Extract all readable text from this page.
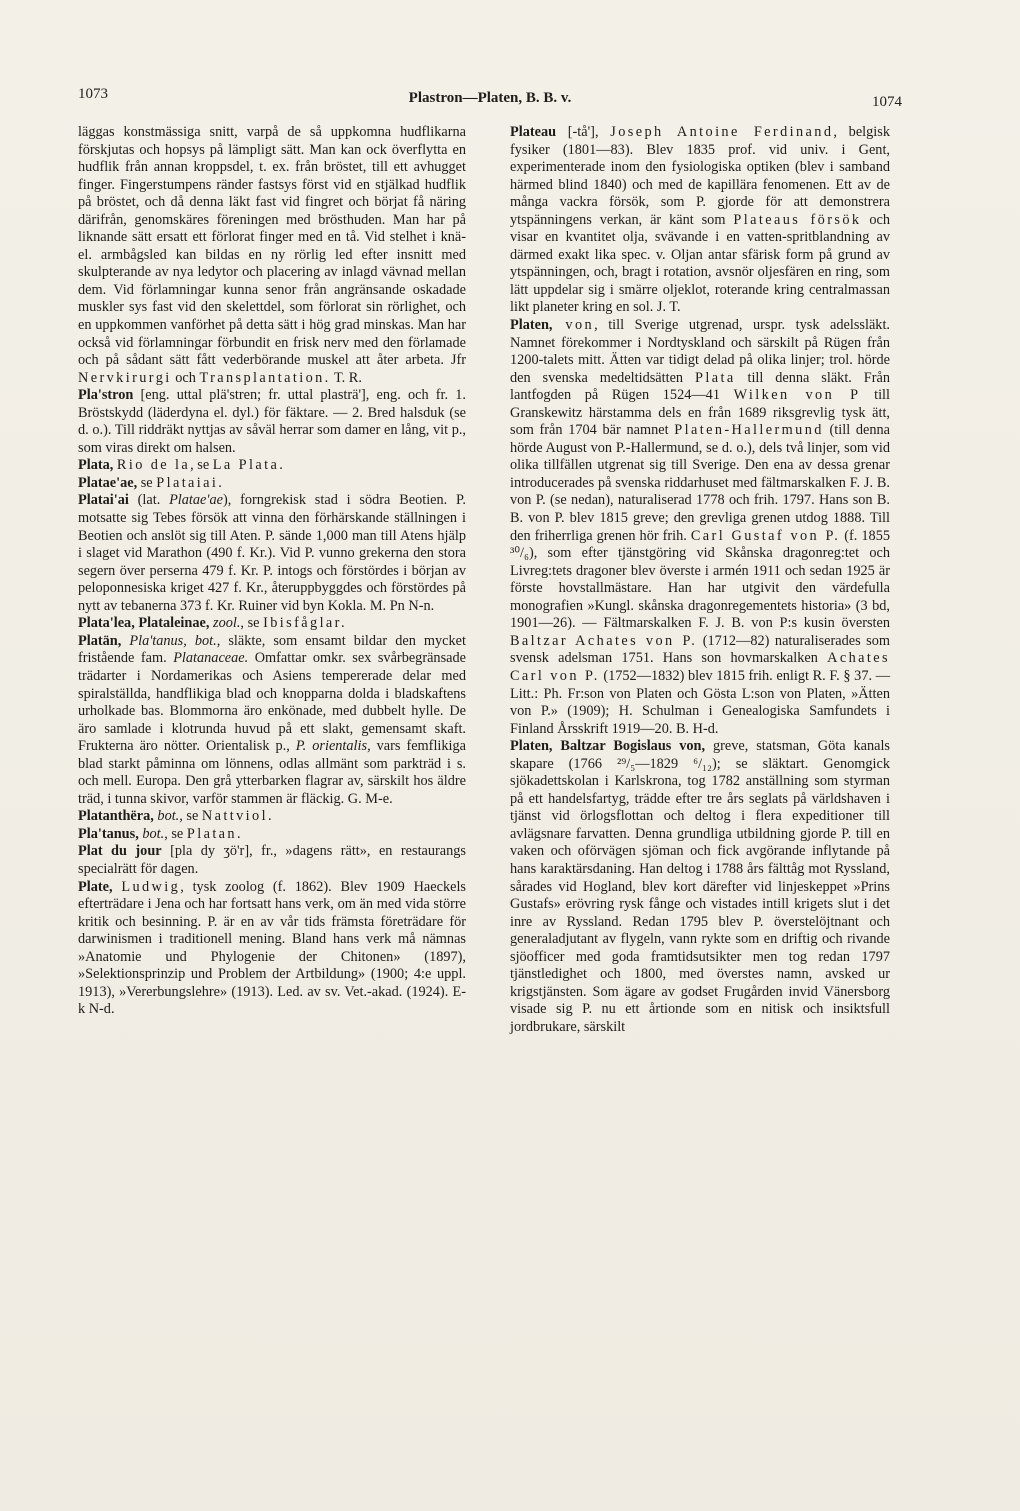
1073	Plastron—Platen, B. B. v.	1074

läggas konstmässiga snitt, varpå de så uppkomna hudflikarna förskjutas och hopsys på lämpligt sätt. Man kan ock överflytta en hudflik från annan kroppsdel, t. ex. från bröstet, till ett avhugget finger. Fingerstumpens ränder fastsys först vid en stjälkad hudflik på bröstet, och då denna läkt fast vid fingret och börjat få näring därifrån, genomskäres föreningen med brösthuden. Man har på liknande sätt ersatt ett förlorat finger med en tå. Vid stelhet i knä- el. armbågsled kan bildas en ny rörlig led efter insnitt med skulpterande av nya ledytor och placering av inlagd vävnad mellan dem. Vid förlamningar kunna senor från angränsande oskadade muskler sys fast vid den skelettdel, som förlorat sin rörlighet, och en uppkommen vanförhet på detta sätt i hög grad minskas. Man har också vid förlamningar förbundit en frisk nerv med den förlamade och på sådant sätt fått vederbörande muskel att åter arbeta. Jfr Nervkirurgi och Transplantation. T. R.

Pla'stron [eng. uttal plä'stren; fr. uttal plasträ'], eng. och fr. 1. Bröstskydd (läderdyna el. dyl.) för fäktare. — 2. Bred halsduk (se d. o.). Till riddräkt nyttjas av såväl herrar som damer en lång, vit p., som viras direkt om halsen.

Plata, Rio de la, se La Plata.

Platae'ae, se Plataiai.

Platai'ai (lat. Platae'ae), forngrekisk stad i södra Beotien. P. motsatte sig Tebes försök att vinna den förhärskande ställningen i Beotien och anslöt sig till Aten. P. sände 1,000 man till Atens hjälp i slaget vid Marathon (490 f. Kr.). Vid P. vunno grekerna den stora segern över perserna 479 f. Kr. P. intogs och förstördes i början av peloponnesiska kriget 427 f. Kr., återuppbyggdes och förstördes på nytt av tebanerna 373 f. Kr. Ruiner vid byn Kokla. M. Pn N-n.

Plata'lea, Plataleinae, zool., se Ibisfåglar.

Platän, Pla'tanus, bot., släkte, som ensamt bildar den mycket fristående fam. Platanaceae. Omfattar omkr. sex svårbegränsade trädarter i Nordamerikas och Asiens tempererade delar med spiralställda, handflikiga blad och knopparna dolda i bladskaftens urholkade bas. Blommorna äro enkönade, med dubbelt hylle. De äro samlade i klotrunda huvud på ett slakt, gemensamt skaft. Frukterna äro nötter. Orientalisk p., P. orientalis, vars femflikiga blad starkt påminna om lönnens, odlas allmänt som parkträd i s. och mell. Europa. Den grå ytterbarken flagrar av, särskilt hos äldre träd, i tunna skivor, varför stammen är fläckig. G. M-e.

Platanthëra, bot., se Nattviol.

Pla'tanus, bot., se Platan.

Plat du jour [pla dy ʒö'r], fr., »dagens rätt», en restaurangs specialrätt för dagen.

Plate, Ludwig, tysk zoolog (f. 1862). Blev 1909 Haeckels efterträdare i Jena och har fortsatt hans verk, om än med vida större kritik och besinning. P. är en av vår tids främsta företrädare för darwinismen i traditionell mening. Bland hans verk må nämnas »Anatomie und Phylogenie der Chitonen» (1897), »Selektionsprinzip und Problem der Artbildung» (1900; 4:e uppl. 1913), »Vererbungslehre» (1913). Led. av sv. Vet.-akad. (1924). E-k N-d.

Plateau [-tå'], Joseph Antoine Ferdinand, belgisk fysiker (1801—83). Blev 1835 prof. vid univ. i Gent, experimenterade inom den fysiologiska optiken (blev i samband härmed blind 1840) och med de kapillära fenomenen. Ett av de många vackra försök, som P. gjorde för att demonstrera ytspänningens verkan, är känt som Plateaus försök och visar en kvantitet olja, svävande i en vatten-spritblandning av därmed exakt lika spec. v. Oljan antar sfärisk form på grund av ytspänningen, och, bragt i rotation, avsnör oljesfären en ring, som lätt uppdelar sig i smärre oljeklot, roterande kring centralmassan likt planeter kring en sol. J. T.

Platen, von, till Sverige utgrenad, urspr. tysk adelssläkt. Namnet förekommer i Nordtyskland och särskilt på Rügen från 1200-talets mitt. Ätten var tidigt delad på olika linjer; trol. hörde den svenska medeltidsätten Plata till denna släkt. Från lantfogden på Rügen 1524—41 Wilken von P till Granskewitz härstamma dels en från 1689 riksgrevlig tysk ätt, som från 1704 bär namnet Platen-Hallermund (till denna hörde August von P.-Hallermund, se d. o.), dels två linjer, som vid olika tillfällen utgrenat sig till Sverige. Den ena av dessa grenar introducerades på svenska riddarhuset med fältmarskalken F. J. B. von P. (se nedan), naturaliserad 1778 och frih. 1797. Hans son B. B. von P. blev 1815 greve; den grevliga grenen utdog 1888. Till den friherrliga grenen hör frih. Carl Gustaf von P. (f. 1855 ³⁰/₆), som efter tjänstgöring vid Skånska dragonreg:tet och Livreg:tets dragoner blev överste i armén 1911 och sedan 1925 är förste hovstallmästare. Han har utgivit den värdefulla monografien »Kungl. skånska dragonregementets historia» (3 bd, 1901—26). — Fältmarskalken F. J. B. von P:s kusin översten Baltzar Achates von P. (1712—82) naturaliserades som svensk adelsman 1751. Hans son hovmarskalken Achates Carl von P. (1752—1832) blev 1815 frih. enligt R. F. § 37. — Litt.: Ph. Fr:son von Platen och Gösta L:son von Platen, »Ätten von P.» (1909); H. Schulman i Genealogiska Samfundets i Finland Årsskrift 1919—20. B. H-d.

Platen, Baltzar Bogislaus von, greve, statsman, Göta kanals skapare (1766 ²⁹/₅—1829 ⁶/₁₂); se släktart. Genomgick sjökadettskolan i Karlskrona, tog 1782 anställning som styrman på ett handelsfartyg, trädde efter tre års seglats på världshaven i tjänst vid örlogsflottan och deltog i flera expeditioner till avlägsnare farvatten. Denna grundliga utbildning gjorde P. till en vaken och oförvägen sjöman och fick avgörande inflytande på hans karaktärsdaning. Han deltog i 1788 års fälttåg mot Ryssland, sårades vid Hogland, blev kort därefter vid linjeskeppet »Prins Gustafs» erövring rysk fånge och vistades intill krigets slut i det inre av Ryssland. Redan 1795 blev P. överstelöjtnant och generaladjutant av flygeln, vann rykte som en driftig och rivande sjöofficer med goda framtidsutsikter men tog redan 1797 tjänstledighet och 1800, med överstes namn, avsked ur krigstjänsten. Som ägare av godset Frugården invid Vänersborg visade sig P. nu ett årtionde som en nitisk och insiktsfull jordbrukare, särskilt
